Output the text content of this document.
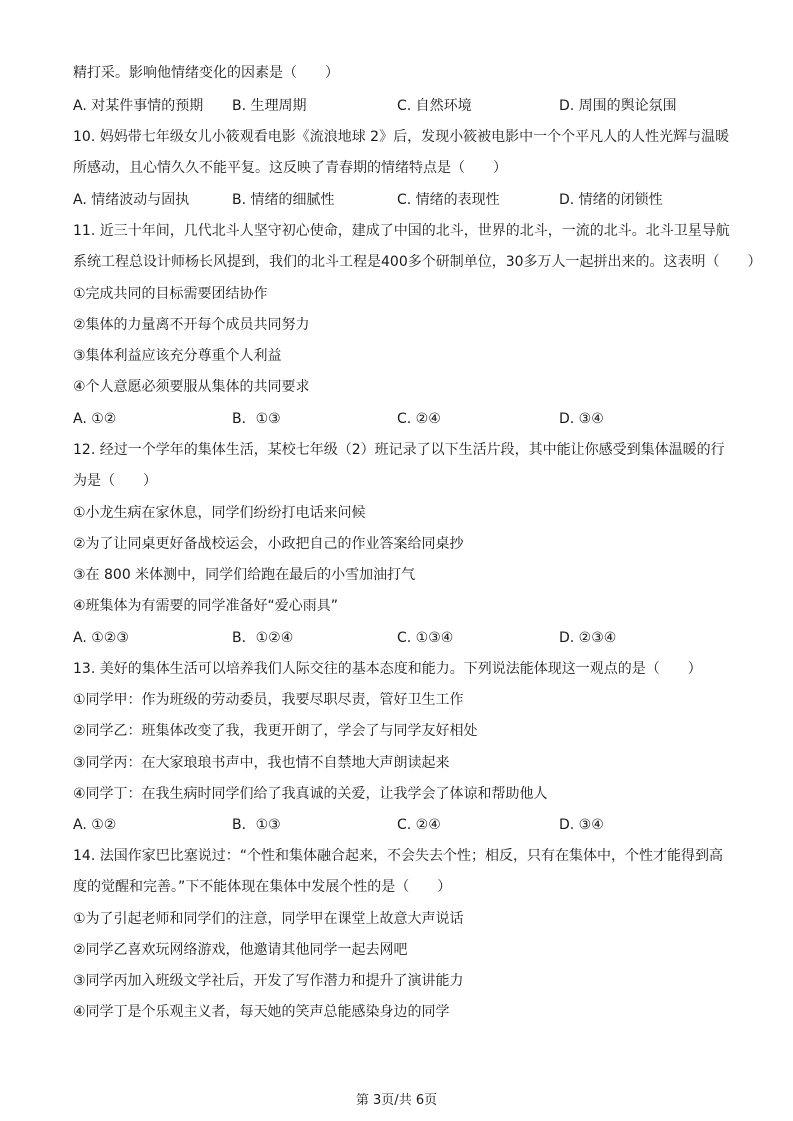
精打采。影响他情绪变化的因素是（　　）
A. 对某件事情的预期 B. 生理周期	C. 自然环境	D. 周围的舆论氛围
10. 妈妈带七年级女儿小筱观看电影《流浪地球 2》后，发现小筱被电影中一个个平凡人的人性光辉与温暖
所感动，且心情久久不能平复。这反映了青春期的情绪特点是（　　）
A. 情绪波动与固执	B. 情绪的细腻性	C. 情绪的表现性	D. 情绪的闭锁性
11. 近三十年间，几代北斗人坚守初心使命，建成了中国的北斗，世界的北斗，一流的北斗。北斗卫星导航
系统工程总设计师杨长风提到，我们的北斗工程是400多个研制单位，30多万人一起拼出来的。这表明（　　）
①完成共同的目标需要团结协作
②集体的力量离不开每个成员共同努力
③集体利益应该充分尊重个人利益
④个人意愿必须要服从集体的共同要求
A. ①②	B．①③	C. ②④	D. ③④
12. 经过一个学年的集体生活，某校七年级（2）班记录了以下生活片段，其中能让你感受到集体温暖的行
为是（　　）
①小龙生病在家休息，同学们纷纷打电话来问候
②为了让同桌更好备战校运会，小政把自己的作业答案给同桌抄
③在 800 米体测中，同学们给跑在最后的小雪加油打气
④班集体为有需要的同学准备好“爱心雨具”
A. ①②③	B．①②④	C. ①③④	D. ②③④
13. 美好的集体生活可以培养我们人际交往的基本态度和能力。下列说法能体现这一观点的是（　　）
①同学甲：作为班级的劳动委员，我要尽职尽责，管好卫生工作
②同学乙：班集体改变了我，我更开朗了，学会了与同学友好相处
③同学丙：在大家琅琅书声中，我也情不自禁地大声朗读起来
④同学丁：在我生病时同学们给了我真诚的关爱，让我学会了体谅和帮助他人
A. ①②	B．①③	C. ②④	D. ③④
14. 法国作家巴比塞说过：“个性和集体融合起来，不会失去个性；相反，只有在集体中，个性才能得到高
度的觉醒和完善。”下不能体现在集体中发展个性的是（　　）
①为了引起老师和同学们的注意，同学甲在课堂上故意大声说话
②同学乙喜欢玩网络游戏，他邀请其他同学一起去网吧
③同学丙加入班级文学社后，开发了写作潜力和提升了演讲能力
④同学丁是个乐观主义者，每天她的笑声总能感染身边的同学
第 3页/共 6页
